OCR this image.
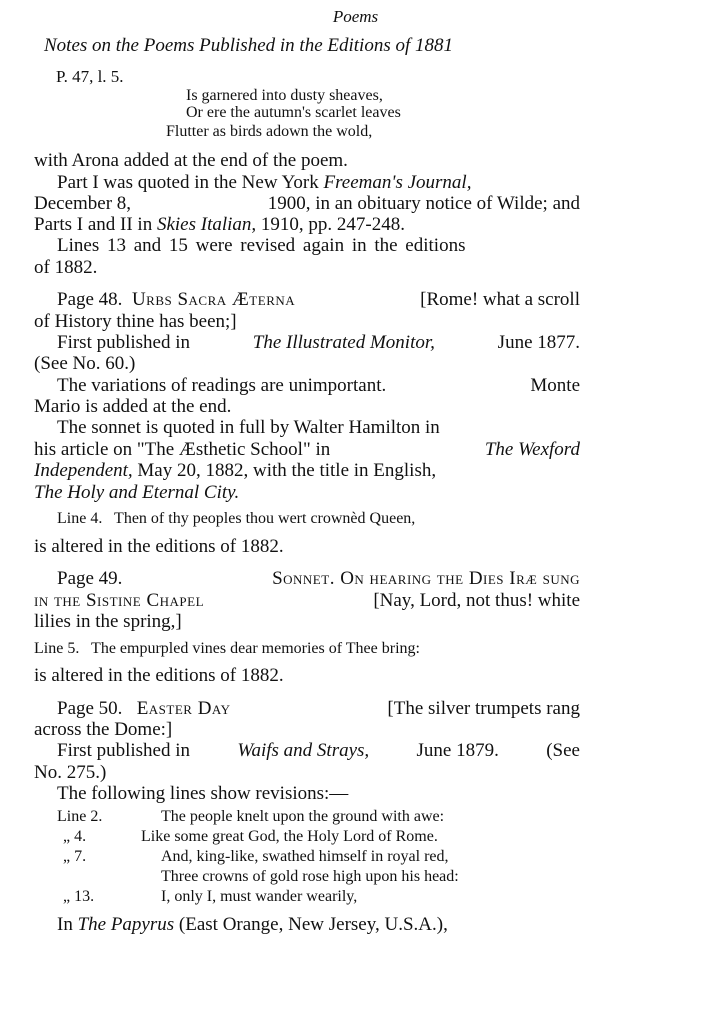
Poems
Notes on the Poems Published in the Editions of 1881
P. 47, l. 5.
Is garnered into dusty sheaves,
Or ere the autumn's scarlet leaves
Flutter as birds adown the wold,
with Arona added at the end of the poem.
Part I was quoted in the New York Freeman's Journal,
December 8,	1900, in an obituary notice of Wilde; and
Parts I and II in Skies Italian, 1910, pp. 247-248.
Lines 13 and 15 were revised again in the editions
of 1882.
Page 48. Urbs Sacra Æterna	[Rome! what a scroll
of History thine has been;]
First published in	The Illustrated Monitor,	June 1877.
(See No. 60.)
The variations of readings are unimportant.	Monte
Mario is added at the end.
The sonnet is quoted in full by Walter Hamilton in
his article on "The Æsthetic School" in	The Wexford
Independent, May 20, 1882, with the title in English,
The Holy and Eternal City.
Line 4. Then of thy peoples thou wert crownèd Queen,
is altered in the editions of 1882.
Page 49.	Sonnet. On hearing the Dies Iræ sung
in the Sistine Chapel	[Nay, Lord, not thus! white
lilies in the spring,]
Line 5. The empurpled vines dear memories of Thee bring:
is altered in the editions of 1882.
Page 50. Easter Day	[The silver trumpets rang
across the Dome:]
First published in Waifs and Strays, June 1879. (See
No. 275.)
The following lines show revisions:—
Line 2.	The people knelt upon the ground with awe:
„ 4.	Like some great God, the Holy Lord of Rome.
„ 7.	And, king-like, swathed himself in royal red,
Three crowns of gold rose high upon his head:
„ 13.	I, only I, must wander wearily,
In The Papyrus (East Orange, New Jersey, U.S.A.),
